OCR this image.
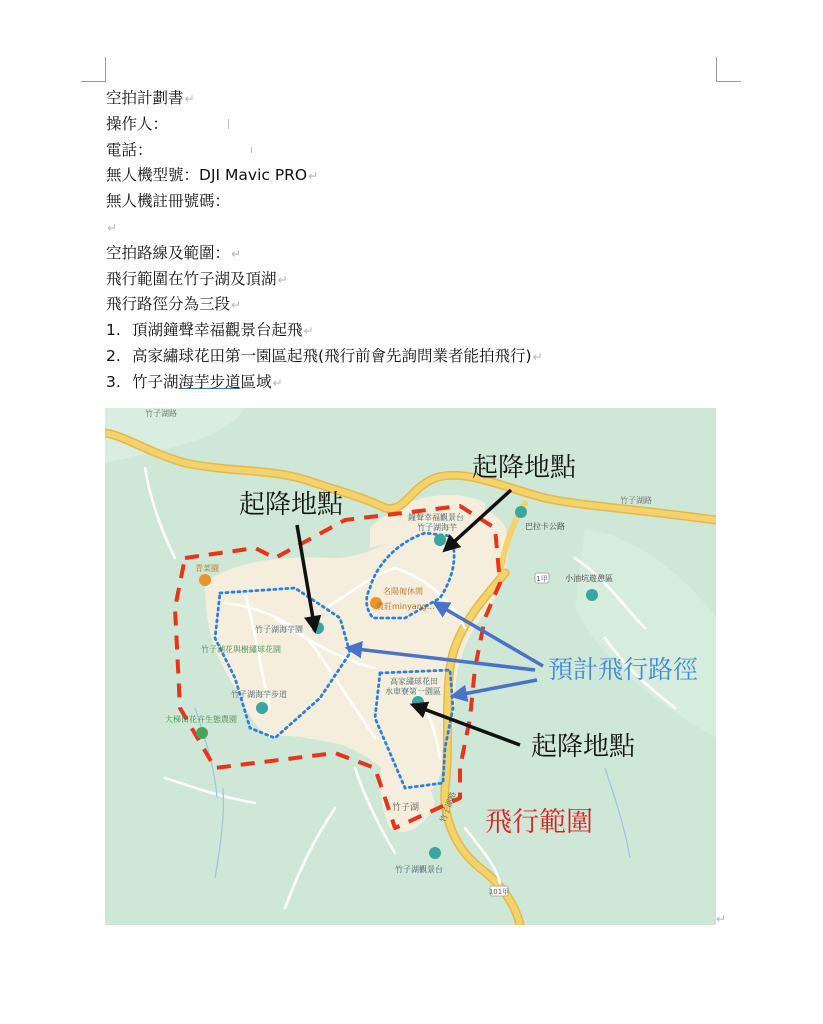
空拍計劃書↵
操作人：
電話：
無人機型號：DJI Mavic PRO↵
無人機註冊號碼：
↵
空拍路線及範圍：↵
飛行範圍在竹子湖及頂湖↵
飛行路徑分為三段↵
1. 頂湖鐘聲幸福觀景台起飛↵
2. 高家繡球花田第一園區起飛(飛行前會先詢問業者能拍飛行)↵
3. 竹子湖海芋步道區域↵
101甲
1甲
鐘聲幸福觀景台
竹子湖海芋	巴拉卡公路
小油坑遊憩區
名陽匍休閒
農莊minyang...
青菜園
竹子湖海芋園
竹子湖花與樹繡球花園
竹子湖海芋步道
高家繡球花田
水車寮第一園區
大梯田花卉生態農園
竹子湖
竹子湖觀景台
竹子湖路
竹子湖路
竹子湖路
起降地點
起降地點
起降地點
預計飛行路徑
飛行範圍
↵
